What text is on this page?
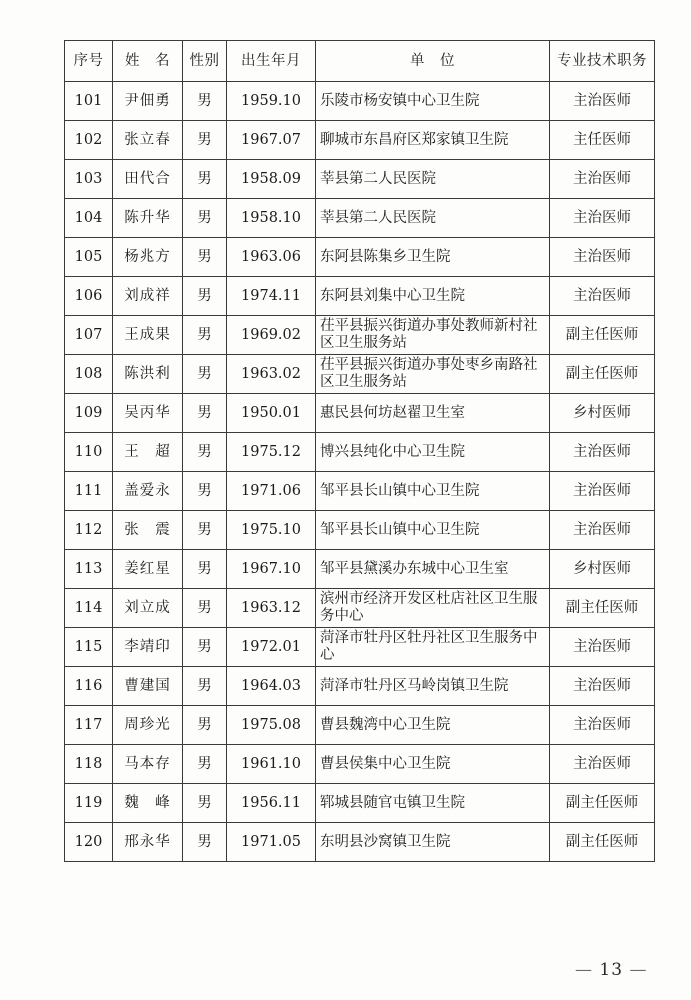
序号	姓　名	性别	出生年月	单　位	专业技术职务
101	尹佃勇	男	1959.10	乐陵市杨安镇中心卫生院	主治医师
102	张立春	男	1967.07	聊城市东昌府区郑家镇卫生院	主任医师
103	田代合	男	1958.09	莘县第二人民医院	主治医师
104	陈升华	男	1958.10	莘县第二人民医院	主治医师
105	杨兆方	男	1963.06	东阿县陈集乡卫生院	主治医师
106	刘成祥	男	1974.11	东阿县刘集中心卫生院	主治医师
107	王成果	男	1969.02	茌平县振兴街道办事处教师新村社区卫生服务站	副主任医师
108	陈洪利	男	1963.02	茌平县振兴街道办事处枣乡南路社区卫生服务站	副主任医师
109	吴丙华	男	1950.01	惠民县何坊赵翟卫生室	乡村医师
110	王　超	男	1975.12	博兴县纯化中心卫生院	主治医师
111	盖爱永	男	1971.06	邹平县长山镇中心卫生院	主治医师
112	张　震	男	1975.10	邹平县长山镇中心卫生院	主治医师
113	姜红星	男	1967.10	邹平县黛溪办东城中心卫生室	乡村医师
114	刘立成	男	1963.12	滨州市经济开发区杜店社区卫生服务中心	副主任医师
115	李靖印	男	1972.01	菏泽市牡丹区牡丹社区卫生服务中心	主治医师
116	曹建国	男	1964.03	菏泽市牡丹区马岭岗镇卫生院	主治医师
117	周珍光	男	1975.08	曹县魏湾中心卫生院	主治医师
118	马本存	男	1961.10	曹县侯集中心卫生院	主治医师
119	魏　峰	男	1956.11	郓城县随官屯镇卫生院	副主任医师
120	邢永华	男	1971.05	东明县沙窝镇卫生院	副主任医师
— 13 —
